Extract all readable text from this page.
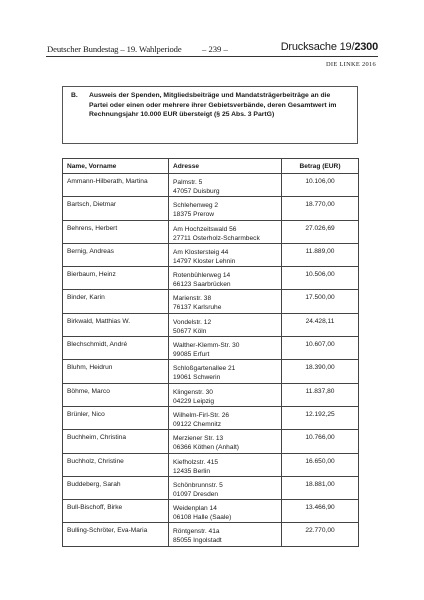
Deutscher Bundestag – 19. Wahlperiode – 239 –	Drucksache 19/2300
DIE LINKE 2016
B. Ausweis der Spenden, Mitgliedsbeiträge und Mandatsträgerbeiträge an die Partei oder einen oder mehrere ihrer Gebietsverbände, deren Gesamtwert im Rechnungsjahr 10.000 EUR übersteigt (§ 25 Abs. 3 PartG)
Name, Vorname	Adresse	Betrag (EUR)
Ammann-Hilberath, Martina	Palmstr. 5
47057 Duisburg	10.106,00
Bartsch, Dietmar	Schlehenweg 2
18375 Prerow	18.770,00
Behrens, Herbert	Am Hochzeitswald 56
27711 Osterholz-Scharmbeck	27.026,69
Bernig, Andreas	Am Klostersteig 44
14797 Kloster Lehnin	11.889,00
Bierbaum, Heinz	Rotenbühlerweg 14
66123 Saarbrücken	10.506,00
Binder, Karin	Marienstr. 38
76137 Karlsruhe	17.500,00
Birkwald, Matthias W.	Vondelstr. 12
50677 Köln	24.428,11
Blechschmidt, André	Walther-Klemm-Str. 30
99085 Erfurt	10.607,00
Bluhm, Heidrun	Schloßgartenallee 21
19061 Schwerin	18.390,00
Böhme, Marco	Klingenstr. 30
04229 Leipzig	11.837,80
Brünler, Nico	Wilhelm-Firl-Str. 26
09122 Chemnitz	12.192,25
Buchheim, Christina	Merziener Str. 13
06366 Köthen (Anhalt)	10.766,00
Buchholz, Christine	Kiefholzstr. 415
12435 Berlin	16.650,00
Buddeberg, Sarah	Schönbrunnstr. 5
01097 Dresden	18.881,00
Bull-Bischoff, Birke	Weidenplan 14
06108 Halle (Saale)	13.466,90
Bulling-Schröter, Eva-Maria	Röntgenstr. 41a
85055 Ingolstadt	22.770,00
